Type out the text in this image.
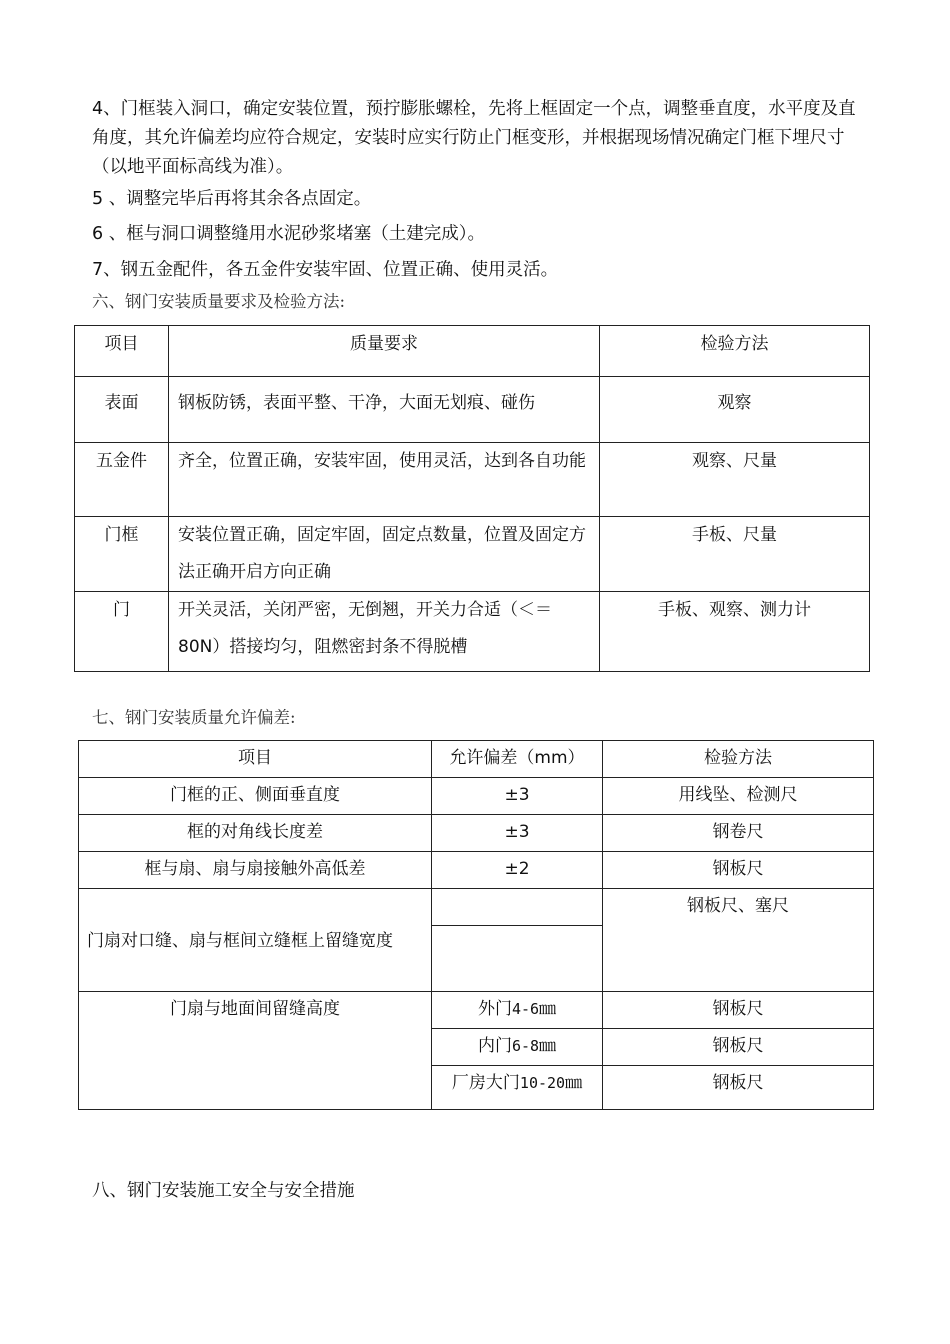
4、门框装入洞口，确定安装位置，预拧膨胀螺栓，先将上框固定一个点，调整垂直度，水平度及直角度，其允许偏差均应符合规定，安装时应实行防止门框变形，并根据现场情况确定门框下埋尺寸（以地平面标高线为准）。

5 、调整完毕后再将其余各点固定。

6 、框与洞口调整缝用水泥砂浆堵塞（土建完成）。

7、钢五金配件，各五金件安装牢固、位置正确、使用灵活。

六、钢门安装质量要求及检验方法:

项目	质量要求	检验方法
表面	钢板防锈，表面平整、干净，大面无划痕、碰伤	观察
五金件	齐全，位置正确，安装牢固，使用灵活，达到各自功能	观察、尺量
门框	安装位置正确，固定牢固，固定点数量，位置及固定方法正确开启方向正确	手板、尺量
门	开关灵活，关闭严密，无倒翘，开关力合适（＜＝ 80N）搭接均匀，阻燃密封条不得脱槽	手板、观察、测力计

七、钢门安装质量允许偏差:

项目	允许偏差（mm）	检验方法
门框的正、侧面垂直度	±3	用线坠、检测尺
框的对角线长度差	±3	钢卷尺
框与扇、扇与扇接触外高低差	±2	钢板尺
门扇对口缝、扇与框间立缝框上留缝宽度		钢板尺、塞尺

门扇与地面间留缝高度	外门4-6㎜	钢板尺
	内门6-8㎜	钢板尺
	厂房大门10-20㎜	钢板尺

八、钢门安装施工安全与安全措施
